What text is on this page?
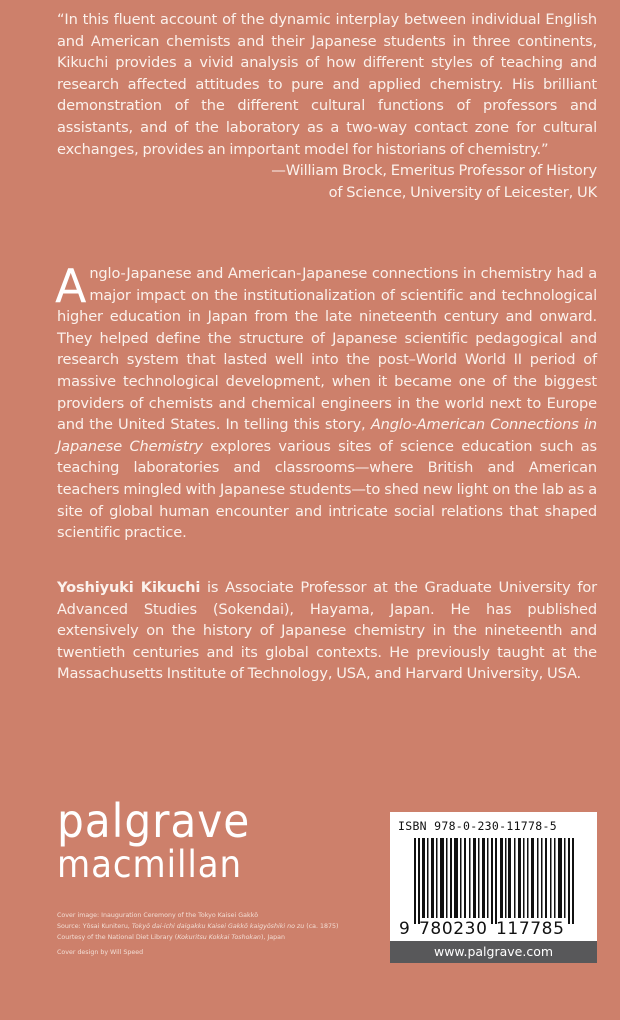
“In this fluent account of the dynamic interplay between individual English and American chemists and their Japanese students in three continents, Kikuchi provides a vivid analysis of how different styles of teaching and research affected attitudes to pure and applied chemistry. His brilliant demonstration of the different cultural functions of professors and assistants, and of the laboratory as a two-way contact zone for cultural exchanges, provides an important model for historians of chemistry.”

—William Brock, Emeritus Professor of History

of Science, University of Leicester, UK

Anglo-Japanese and American-Japanese connections in chemistry had a major impact on the institutionalization of scientific and technological higher education in Japan from the late nineteenth century and onward. They helped define the structure of Japanese scientific pedagogical and research system that lasted well into the post–World World II period of massive technological development, when it became one of the biggest providers of chemists and chemical engineers in the world next to Europe and the United States. In telling this story, Anglo-American Connections in Japanese Chemistry explores various sites of science education such as teaching laboratories and classrooms—where British and American teachers mingled with Japanese students—to shed new light on the lab as a site of global human encounter and intricate social relations that shaped scientific practice.

Yoshiyuki Kikuchi is Associate Professor at the Graduate University for Advanced Studies (Sokendai), Hayama, Japan. He has published extensively on the history of Japanese chemistry in the nineteenth and twentieth centuries and its global contexts. He previously taught at the Massachusetts Institute of Technology, USA, and Harvard University, USA.

palgrave
macmillan

Cover image: Inauguration Ceremony of the Tokyo Kaisei Gakkō

Source: Yōsai Kuniteru, Tokyō dai-ichi daigakku Kaisei Gakkō kaigyōshiki no zu (ca. 1875)

Courtesy of the National Diet Library (Kokuritsu Kokkai Toshokan), Japan

Cover design by Will Speed

ISBN 978-0-230-11778-5
9 780230 117785
www.palgrave.com
